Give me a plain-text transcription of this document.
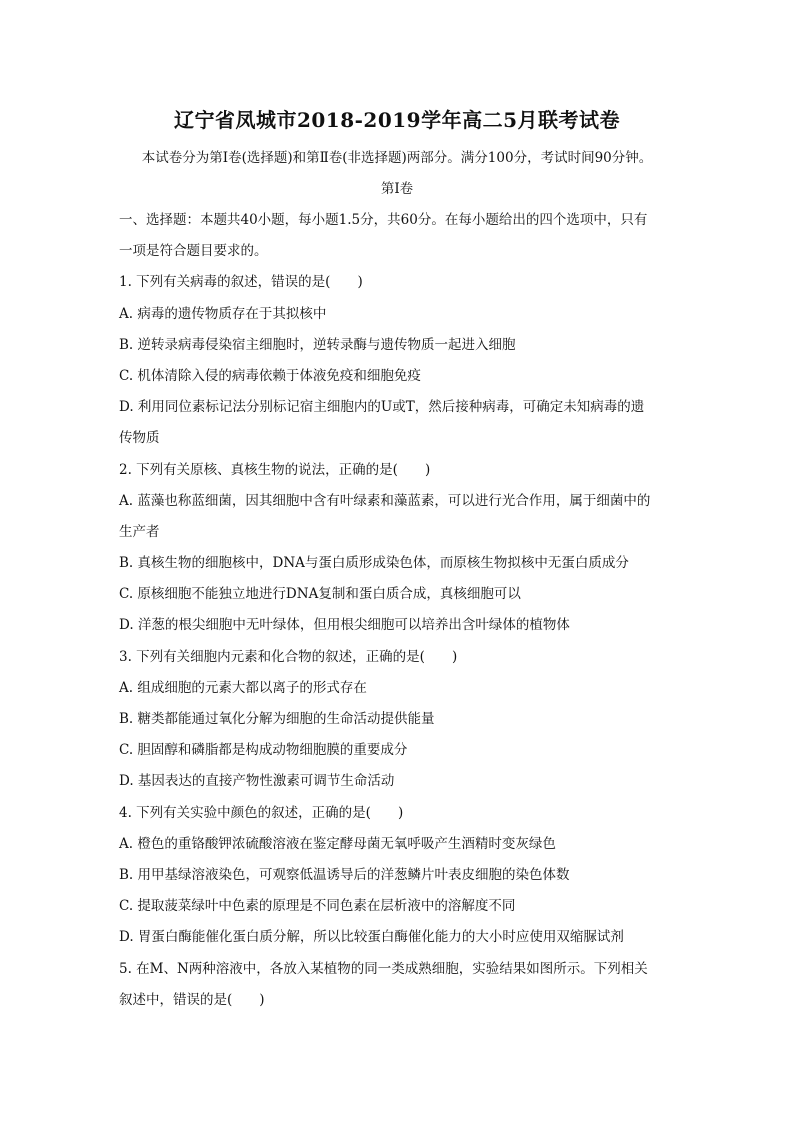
辽宁省凤城市2018-2019学年高二5月联考试卷
本试卷分为第Ⅰ卷(选择题)和第Ⅱ卷(非选择题)两部分。满分100分，考试时间90分钟。
第Ⅰ卷
一、选择题：本题共40小题，每小题1.5分，共60分。在每小题给出的四个选项中，只有
一项是符合题目要求的。
1. 下列有关病毒的叙述，错误的是(　　)
A. 病毒的遗传物质存在于其拟核中
B. 逆转录病毒侵染宿主细胞时，逆转录酶与遗传物质一起进入细胞
C. 机体清除入侵的病毒依赖于体液免疫和细胞免疫
D. 利用同位素标记法分别标记宿主细胞内的U或T，然后接种病毒，可确定未知病毒的遗
传物质
2. 下列有关原核、真核生物的说法，正确的是(　　)
A. 蓝藻也称蓝细菌，因其细胞中含有叶绿素和藻蓝素，可以进行光合作用，属于细菌中的
生产者
B. 真核生物的细胞核中，DNA与蛋白质形成染色体，而原核生物拟核中无蛋白质成分
C. 原核细胞不能独立地进行DNA复制和蛋白质合成，真核细胞可以
D. 洋葱的根尖细胞中无叶绿体，但用根尖细胞可以培养出含叶绿体的植物体
3. 下列有关细胞内元素和化合物的叙述，正确的是(　　)
A. 组成细胞的元素大都以离子的形式存在
B. 糖类都能通过氧化分解为细胞的生命活动提供能量
C. 胆固醇和磷脂都是构成动物细胞膜的重要成分
D. 基因表达的直接产物性激素可调节生命活动
4. 下列有关实验中颜色的叙述，正确的是(　　)
A. 橙色的重铬酸钾浓硫酸溶液在鉴定酵母菌无氧呼吸产生酒精时变灰绿色
B. 用甲基绿溶液染色，可观察低温诱导后的洋葱鳞片叶表皮细胞的染色体数
C. 提取菠菜绿叶中色素的原理是不同色素在层析液中的溶解度不同
D. 胃蛋白酶能催化蛋白质分解，所以比较蛋白酶催化能力的大小时应使用双缩脲试剂
5. 在M、N两种溶液中，各放入某植物的同一类成熟细胞，实验结果如图所示。下列相关
叙述中，错误的是(　　)
